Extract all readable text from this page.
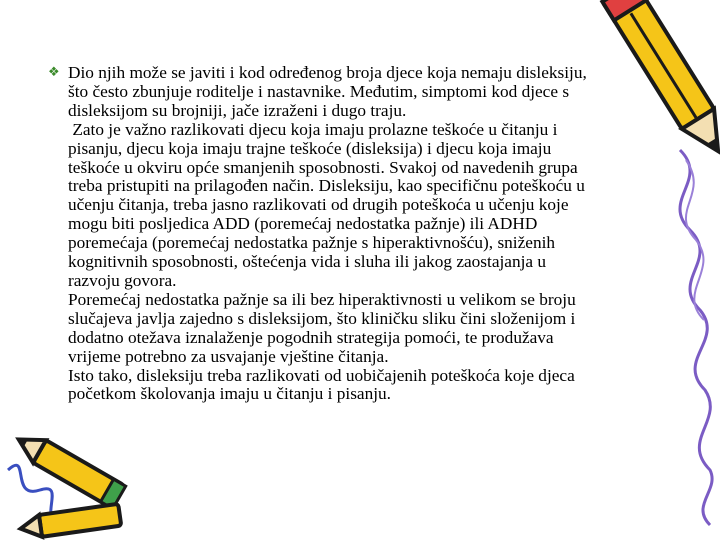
❖ Dio njih može se javiti i kod određenog broja djece koja nemaju disleksiju,
što često zbunjuje roditelje i nastavnike. Međutim, simptomi kod djece s
disleksijom su brojniji, jače izraženi i dugo traju.
Zato je važno razlikovati djecu koja imaju prolazne teškoće u čitanju i
pisanju, djecu koja imaju trajne teškoće (disleksija) i djecu koja imaju
teškoće u okviru opće smanjenih sposobnosti. Svakoj od navedenih grupa
treba pristupiti na prilagođen način. Disleksiju, kao specifičnu poteškoću u
učenju čitanja, treba jasno razlikovati od drugih poteškoća u učenju koje
mogu biti posljedica ADD (poremećaj nedostatka pažnje) ili ADHD
poremećaja (poremećaj nedostatka pažnje s hiperaktivnošću), sniženih
kognitivnih sposobnosti, oštećenja vida i sluha ili jakog zaostajanja u
razvoju govora.
Poremećaj nedostatka pažnje sa ili bez hiperaktivnosti u velikom se broju
slučajeva javlja zajedno s disleksijom, što kliničku sliku čini složenijom i
dodatno otežava iznalaženje pogodnih strategija pomoći, te produžava
vrijeme potrebno za usvajanje vještine čitanja.
Isto tako, disleksiju treba razlikovati od uobičajenih poteškoća koje djeca
početkom školovanja imaju u čitanju i pisanju.
